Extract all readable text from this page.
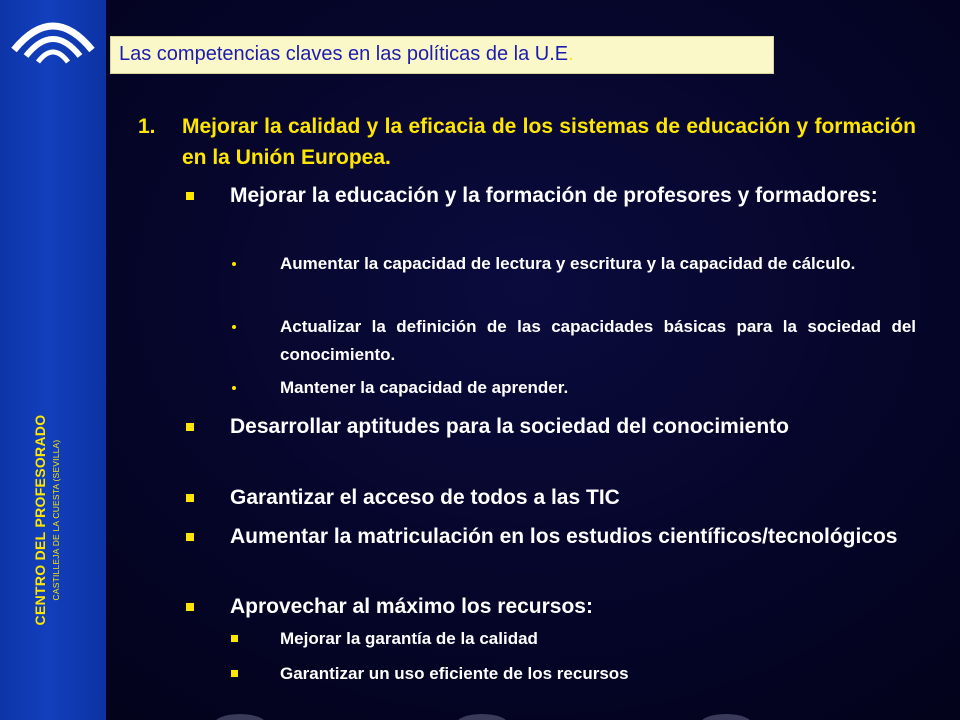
CENTRO DEL PROFESORADO CASTILLEJA DE LA CUESTA (SEVILLA)
Las competencias claves en las políticas de la U.E.
1. Mejorar la calidad y la eficacia de los sistemas de educación y formación en la Unión Europea.
Mejorar la educación y la formación de profesores y formadores:
Aumentar la capacidad de lectura y escritura y la capacidad de cálculo.
Actualizar la definición de las capacidades básicas para la sociedad del conocimiento.
Mantener la capacidad de aprender.
Desarrollar aptitudes para la sociedad del conocimiento
Garantizar el acceso de todos a las TIC
Aumentar la matriculación en los estudios científicos/tecnológicos
Aprovechar al máximo los recursos:
Mejorar la garantía de la calidad
Garantizar un uso eficiente de los recursos
